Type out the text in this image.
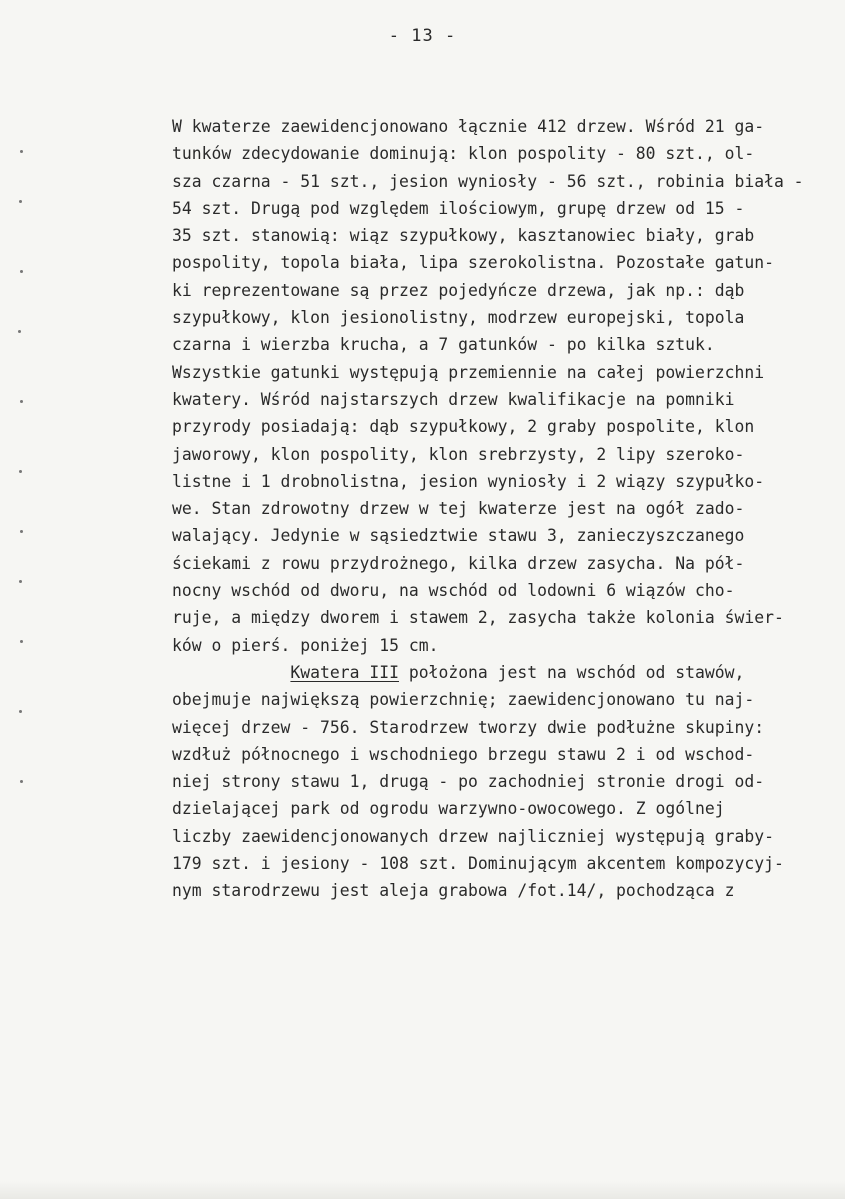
- 13 -
W kwaterze zaewidencjonowano łącznie 412 drzew. Wśród 21 ga-
tunków zdecydowanie dominują: klon pospolity - 80 szt., ol-
sza czarna - 51 szt., jesion wyniosły - 56 szt., robinia biała -
54 szt. Drugą pod względem ilościowym, grupę drzew od 15 -
35 szt. stanowią: wiąz szypułkowy, kasztanowiec biały, grab
pospolity, topola biała, lipa szerokolistna. Pozostałe gatun-
ki reprezentowane są przez pojedyńcze drzewa, jak np.: dąb
szypułkowy, klon jesionolistny, modrzew europejski, topola
czarna i wierzba krucha, a 7 gatunków - po kilka sztuk.
Wszystkie gatunki występują przemiennie na całej powierzchni
kwatery. Wśród najstarszych drzew kwalifikacje na pomniki
przyrody posiadają: dąb szypułkowy, 2 graby pospolite, klon
jaworowy, klon pospolity, klon srebrzysty, 2 lipy szeroko-
listne i 1 drobnolistna, jesion wyniosły i 2 wiązy szypułko-
we. Stan zdrowotny drzew w tej kwaterze jest na ogół zado-
walający. Jedynie w sąsiedztwie stawu 3, zanieczyszczanego
ściekami z rowu przydrożnego, kilka drzew zasycha. Na pół-
nocny wschód od dworu, na wschód od lodowni 6 wiązów cho-
ruje, a między dworem i stawem 2, zasycha także kolonia świer-
ków o pierś. poniżej 15 cm.
Kwatera III położona jest na wschód od stawów,
obejmuje największą powierzchnię; zaewidencjonowano tu naj-
więcej drzew - 756. Starodrzew tworzy dwie podłużne skupiny:
wzdłuż północnego i wschodniego brzegu stawu 2 i od wschod-
niej strony stawu 1, drugą - po zachodniej stronie drogi od-
dzielającej park od ogrodu warzywno-owocowego. Z ogólnej
liczby zaewidencjonowanych drzew najliczniej występują graby-
179 szt. i jesiony - 108 szt. Dominującym akcentem kompozycyj-
nym starodrzewu jest aleja grabowa /fot.14/, pochodząca z
